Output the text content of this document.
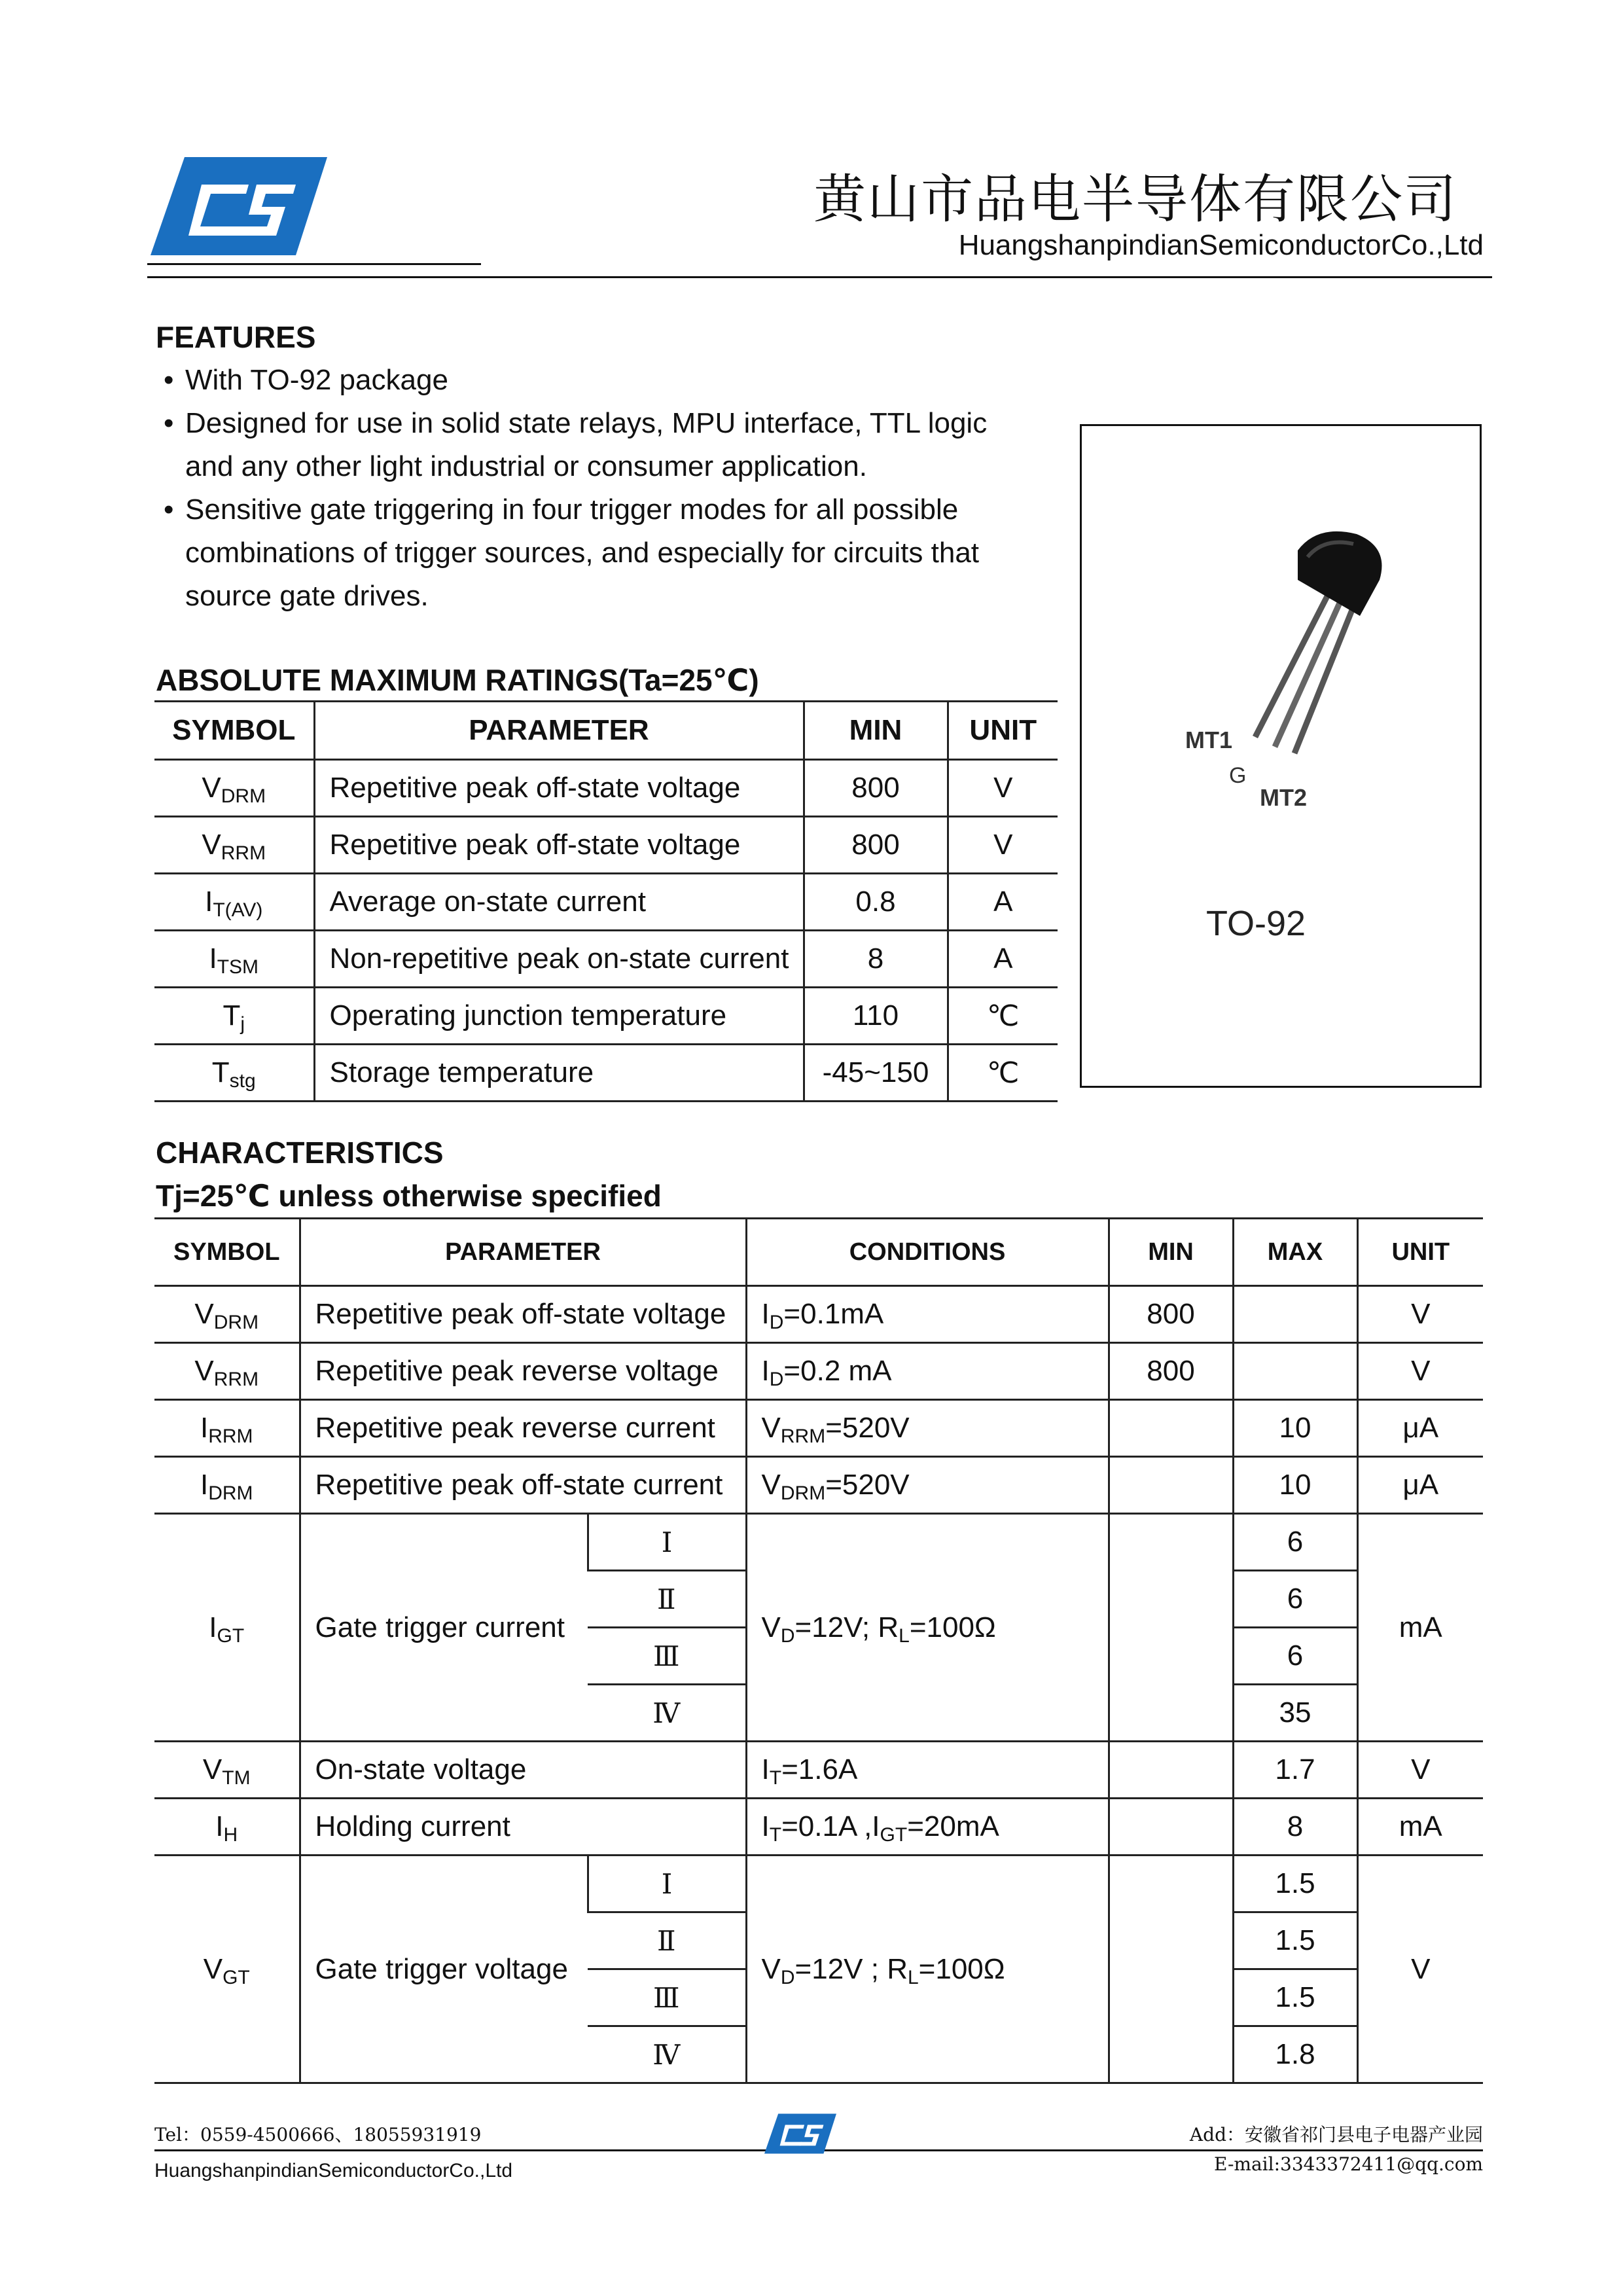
黄山市品电半导体有限公司
HuangshanpindianSemiconductorCo.,Ltd
FEATURES
• With TO-92 package
• Designed for use in solid state relays, MPU interface, TTL logic and any other light industrial or consumer application.
• Sensitive gate triggering in four trigger modes for all possible combinations of trigger sources, and especially for circuits that source gate drives.
MT1
G
MT2
TO-92
ABSOLUTE MAXIMUM RATINGS(Ta=25℃)
SYMBOL	PARAMETER	MIN	UNIT
$V_{DRM}$	Repetitive peak off-state voltage	800	V
$V_{RRM}$	Repetitive peak off-state voltage	800	V
$I_{T(AV)}$	Average on-state current	0.8	A
$I_{TSM}$	Non-repetitive peak on-state current	8	A
$T_j$	Operating junction temperature	110	℃
$T_{stg}$	Storage temperature	-45~150	℃
CHARACTERISTICS
Tj=25℃ unless otherwise specified
SYMBOL	PARAMETER		CONDITIONS	MIN	MAX	UNIT
$V_{DRM}$	Repetitive peak off-state voltage		$I_D=0.1mA$	800		V
$V_{RRM}$	Repetitive peak reverse voltage		$I_D=0.2$ mA	800		V
$I_{RRM}$	Repetitive peak reverse current		$V_{RRM}=520V$		10	μA
$I_{DRM}$	Repetitive peak off-state current		$V_{DRM}=520V$		10	μA
$I_{GT}$	Gate trigger current	Ⅰ	$V_D=12V$; $R_L=100\Omega$		6	mA
		Ⅱ			6	
		Ⅲ			6	
		Ⅳ			35	
$V_{TM}$	On-state voltage		$I_T=1.6A$		1.7	V
$I_H$	Holding current		$I_T=0.1A$ $,I_{GT}=20mA$		8	mA
$V_{GT}$	Gate trigger voltage	Ⅰ	$V_D=12V$ ; $R_L=100\Omega$		1.5	V
		Ⅱ			1.5	
		Ⅲ			1.5	
		Ⅳ			1.8	
Tel：0559-4500666、18055931919
HuangshanpindianSemiconductorCo.,Ltd
Add：安徽省祁门县电子电器产业园
E-mail:3343372411@qq.com
